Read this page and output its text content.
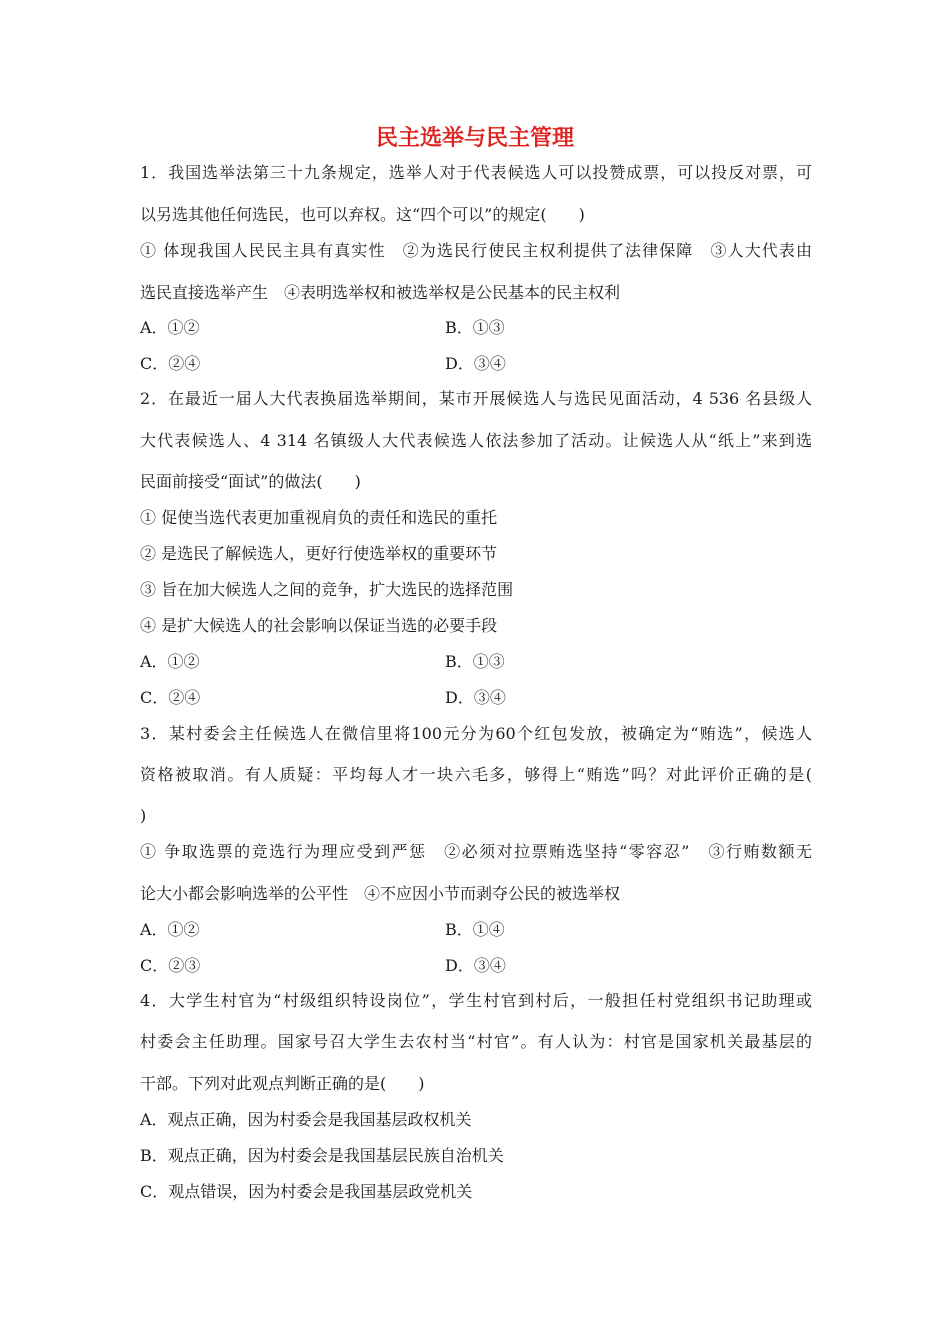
民主选举与民主管理
1．我国选举法第三十九条规定，选举人对于代表候选人可以投赞成票，可以投反对票，可
以另选其他任何选民，也可以弃权。这“四个可以”的规定(　　)
① 体现我国人民民主具有真实性　②为选民行使民主权利提供了法律保障　③人大代表由
选民直接选举产生　④表明选举权和被选举权是公民基本的民主权利
A．①②	B．①③
C．②④	D．③④
2．在最近一届人大代表换届选举期间，某市开展候选人与选民见面活动，4 536 名县级人
大代表候选人、4 314 名镇级人大代表候选人依法参加了活动。让候选人从“纸上”来到选
民面前接受“面试”的做法(　　)
① 促使当选代表更加重视肩负的责任和选民的重托
② 是选民了解候选人，更好行使选举权的重要环节
③ 旨在加大候选人之间的竞争，扩大选民的选择范围
④ 是扩大候选人的社会影响以保证当选的必要手段
A．①②	B．①③
C．②④	D．③④
3．某村委会主任候选人在微信里将100元分为60个红包发放，被确定为“贿选”，候选人
资格被取消。有人质疑：平均每人才一块六毛多，够得上“贿选”吗？对此评价正确的是(
)
① 争取选票的竞选行为理应受到严惩　②必须对拉票贿选坚持“零容忍”　③行贿数额无
论大小都会影响选举的公平性　④不应因小节而剥夺公民的被选举权
A．①②	B．①④
C．②③	D．③④
4．大学生村官为“村级组织特设岗位”，学生村官到村后，一般担任村党组织书记助理或
村委会主任助理。国家号召大学生去农村当“村官”。有人认为：村官是国家机关最基层的
干部。下列对此观点判断正确的是(　　)
A．观点正确，因为村委会是我国基层政权机关
B．观点正确，因为村委会是我国基层民族自治机关
C．观点错误，因为村委会是我国基层政党机关
